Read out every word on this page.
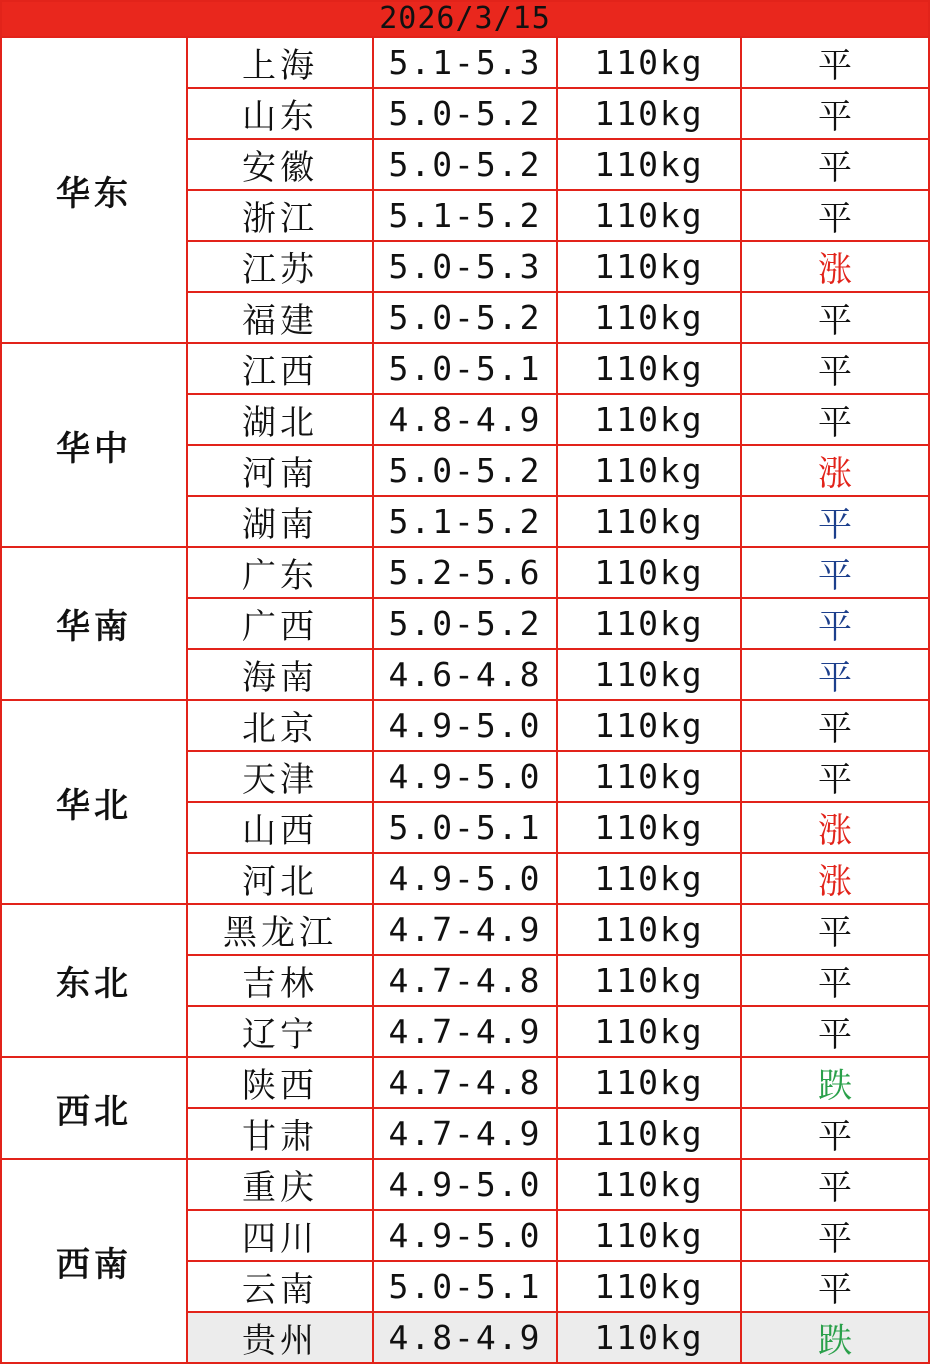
2026/3/15				
华东	上海	5.1-5.3	110kg	平
	山东	5.0-5.2	110kg	平
	安徽	5.0-5.2	110kg	平
	浙江	5.1-5.2	110kg	平
	江苏	5.0-5.3	110kg	涨
	福建	5.0-5.2	110kg	平
华中	江西	5.0-5.1	110kg	平
	湖北	4.8-4.9	110kg	平
	河南	5.0-5.2	110kg	涨
	湖南	5.1-5.2	110kg	平
华南	广东	5.2-5.6	110kg	平
	广西	5.0-5.2	110kg	平
	海南	4.6-4.8	110kg	平
华北	北京	4.9-5.0	110kg	平
	天津	4.9-5.0	110kg	平
	山西	5.0-5.1	110kg	涨
	河北	4.9-5.0	110kg	涨
东北	黑龙江	4.7-4.9	110kg	平
	吉林	4.7-4.8	110kg	平
	辽宁	4.7-4.9	110kg	平
西北	陕西	4.7-4.8	110kg	跌
	甘肃	4.7-4.9	110kg	平
西南	重庆	4.9-5.0	110kg	平
	四川	4.9-5.0	110kg	平
	云南	5.0-5.1	110kg	平
	贵州	4.8-4.9	110kg	跌
